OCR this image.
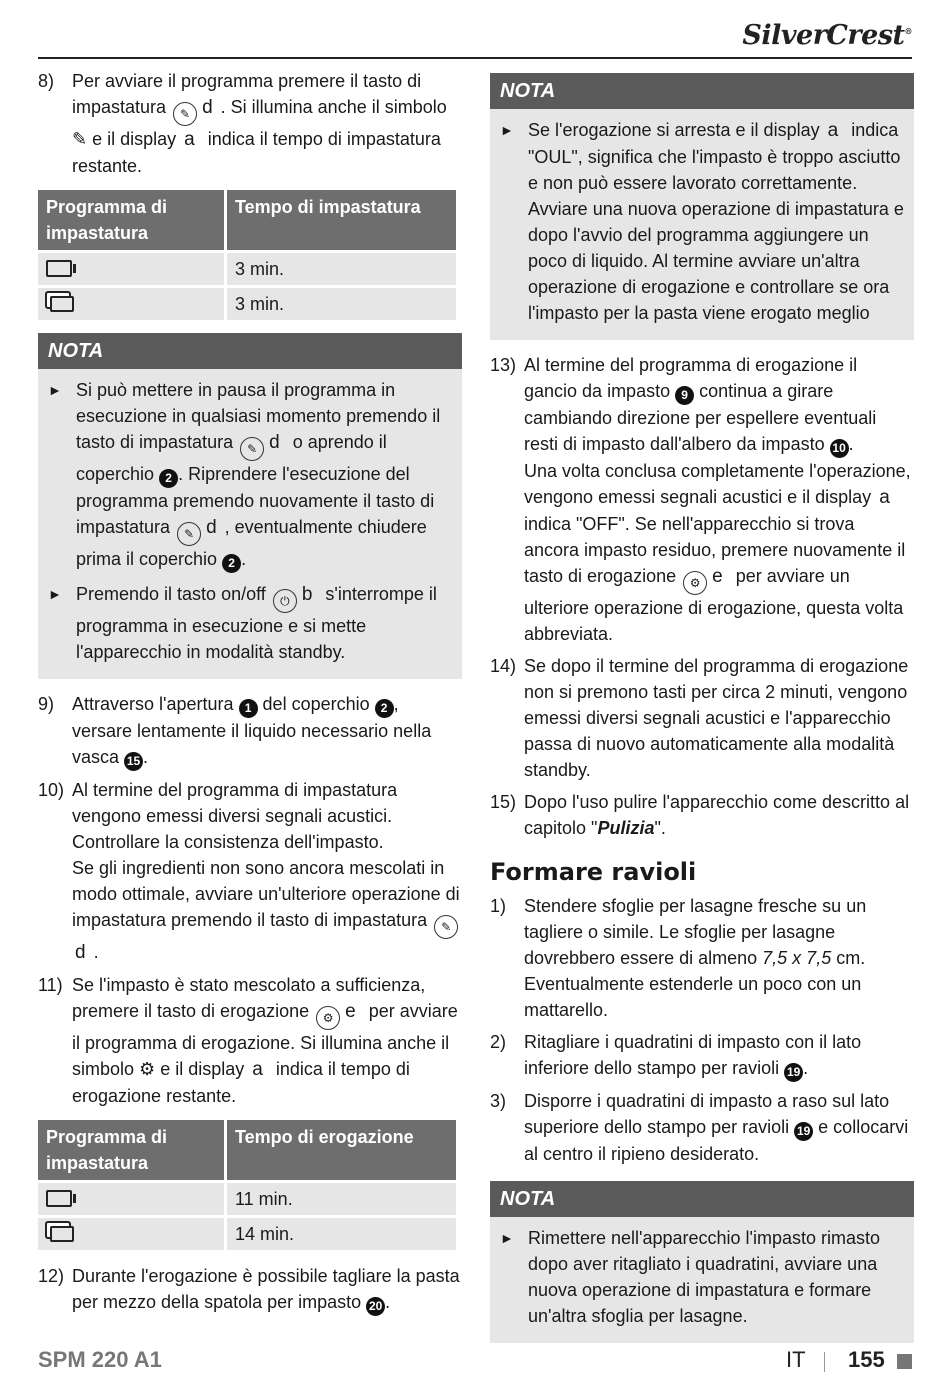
SilverCrest®
8) Per avviare il programma premere il tasto di impastatura ✎ d . Si illumina anche il simbolo ✎ e il display a indica il tempo di impastatura restante.
Programma di impastatura	Tempo di impastatura
	3 min.
	3 min.
NOTA
► Si può mettere in pausa il programma in esecuzione in qualsiasi momento premendo il tasto di impastatura ✎ d o aprendo il coperchio 2 . Riprendere l'esecuzione del programma premendo nuovamente il tasto di impastatura ✎ d , eventualmente chiudere prima il coperchio 2 .
► Premendo il tasto on/off ⏻ b s'interrompe il programma in esecuzione e si mette l'apparecchio in modalità standby.
9) Attraverso l'apertura 1 del coperchio 2 , versare lentamente il liquido necessario nella vasca 15 .
10) Al termine del programma di impastatura vengono emessi diversi segnali acustici. Controllare la consistenza dell'impasto.
Se gli ingredienti non sono ancora mescolati in modo ottimale, avviare un'ulteriore operazione di impastatura premendo il tasto di impastatura ✎d .
11) Se l'impasto è stato mescolato a sufficienza, premere il tasto di erogazione ⚙ e per avviare il programma di erogazione. Si illumina anche il simbolo ⚙ e il display a indica il tempo di erogazione restante.
Programma di impastatura	Tempo di erogazione
	11 min.
	14 min.
12) Durante l'erogazione è possibile tagliare la pasta per mezzo della spatola per impasto 20 .
NOTA
► Se l'erogazione si arresta e il display a indica "OUL", significa che l'impasto è troppo asciutto e non può essere lavorato correttamente. Avviare una nuova operazione di impastatura e dopo l'avvio del programma aggiungere un poco di liquido. Al termine avviare un'altra operazione di erogazione e controllare se ora l'impasto per la pasta viene erogato meglio
13) Al termine del programma di erogazione il gancio da impasto 9 continua a girare cambiando direzione per espellere eventuali resti di impasto dall'albero da impasto 10 .
Una volta conclusa completamente l'operazione, vengono emessi segnali acustici e il display a indica "OFF". Se nell'apparecchio si trova ancora impasto residuo, premere nuovamente il tasto di erogazione ⚙ e per avviare un ulteriore operazione di erogazione, questa volta abbreviata.
14) Se dopo il termine del programma di erogazione non si premono tasti per circa 2 minuti, vengono emessi diversi segnali acustici e l'apparecchio passa di nuovo automaticamente alla modalità standby.
15) Dopo l'uso pulire l'apparecchio come descritto al capitolo "Pulizia".
Formare ravioli
1) Stendere sfoglie per lasagne fresche su un tagliere o simile. Le sfoglie per lasagne dovrebbero essere di almeno 7,5 x 7,5 cm. Eventualmente estenderle un poco con un mattarello.
2) Ritagliare i quadratini di impasto con il lato inferiore dello stampo per ravioli 19 .
3) Disporre i quadratini di impasto a raso sul lato superiore dello stampo per ravioli 19 e collocarvi al centro il ripieno desiderato.
NOTA
► Rimettere nell'apparecchio l'impasto rimasto dopo aver ritagliato i quadratini, avviare una nuova operazione di impastatura e formare un'altra sfoglia per lasagne.
SPM 220 A1	IT 155
